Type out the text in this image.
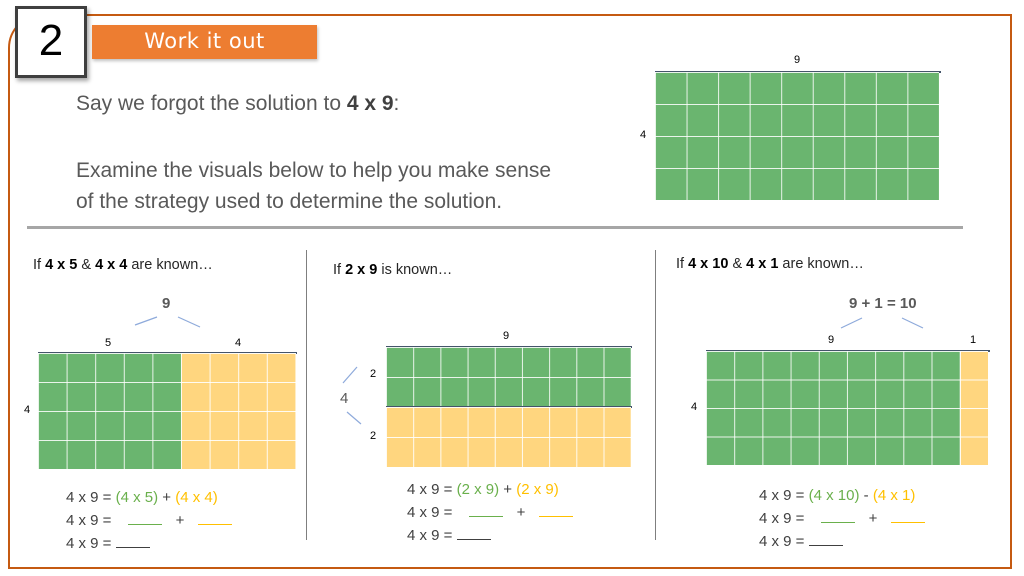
2	Work it out
Say we forgot the solution to 4 x 9:
Examine the visuals below to help you make sense
of the strategy used to determine the solution.
9
4
If 4 x 5 & 4 x 4 are known…
9
5	4
4
4 x 9 = (4 x 5) + (4 x 4)
4 x 9 =	+
4 x 9 =
If 2 x 9 is known…
9
2
2
4
4 x 9 = (2 x 9) + (2 x 9)
4 x 9 =	+
4 x 9 =
If 4 x 10 & 4 x 1 are known…
9 + 1 = 10
9	1
4
4 x 9 = (4 x 10) - (4 x 1)
4 x 9 =	+
4 x 9 =
